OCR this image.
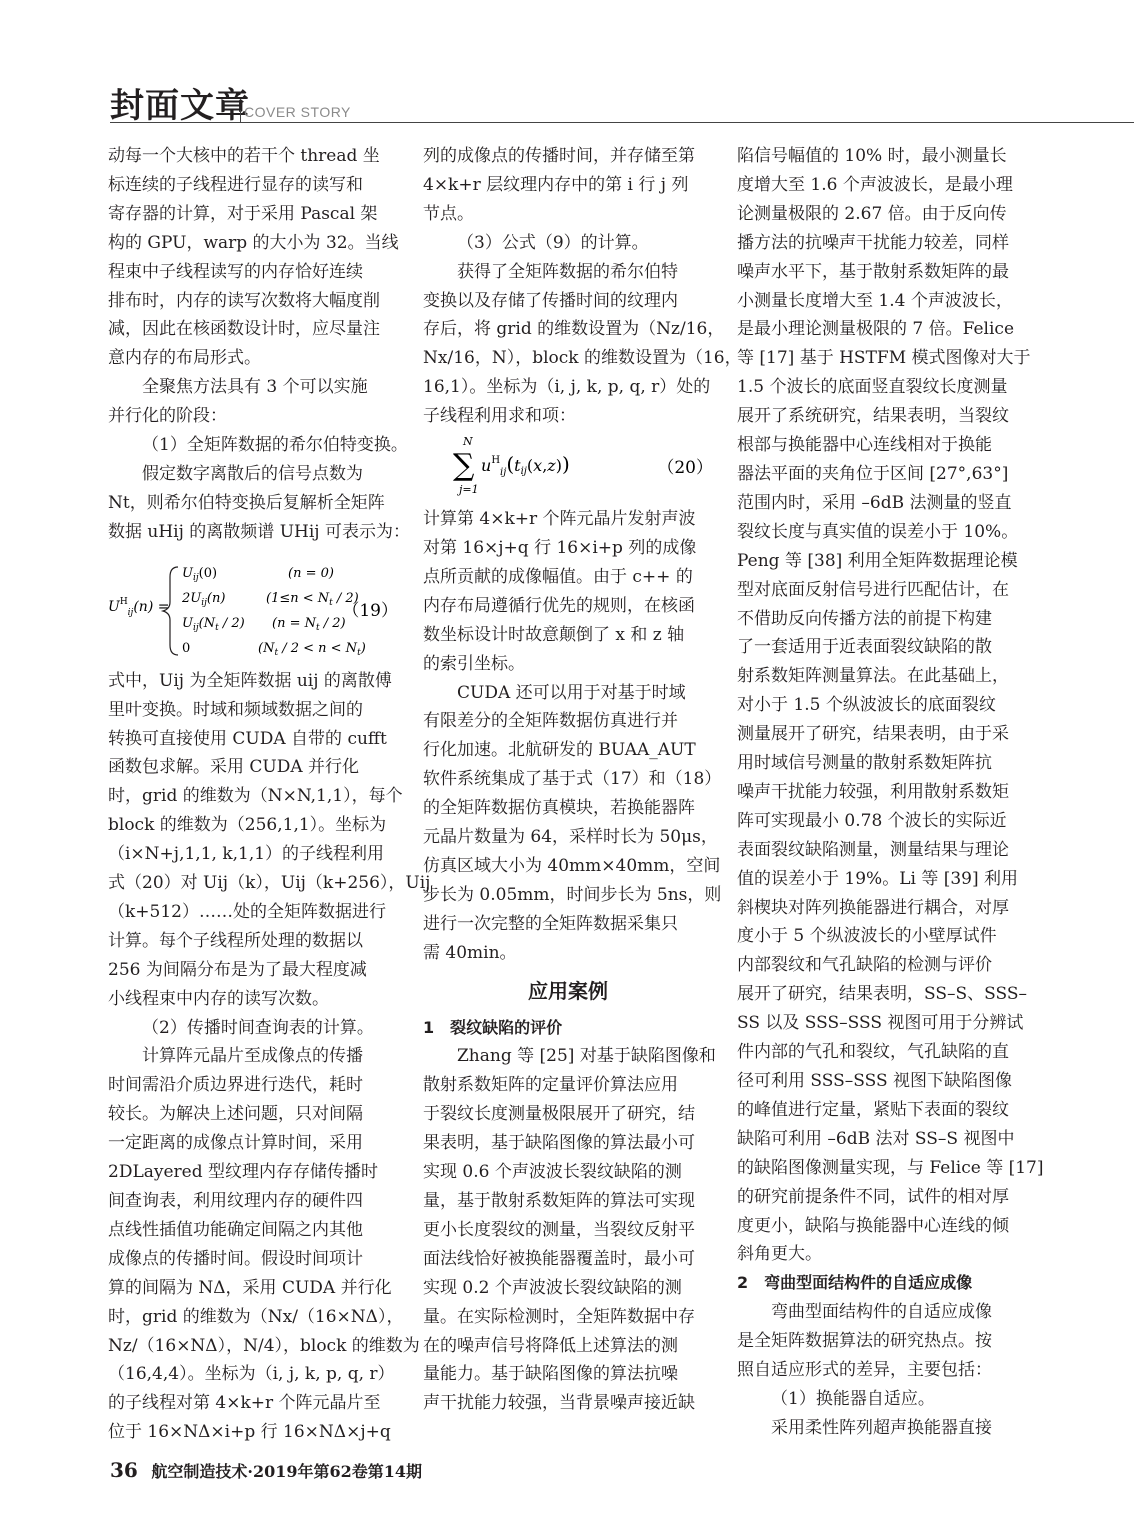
封面文章
COVER STORY

动每一个大核中的若干个 thread 坐

标连续的子线程进行显存的读写和

寄存器的计算，对于采用 Pascal 架

构的 GPU，warp 的大小为 32。当线

程束中子线程读写的内存恰好连续

排布时，内存的读写次数将大幅度削

减，因此在核函数设计时，应尽量注

意内存的布局形式。

全聚焦方法具有 3 个可以实施

并行化的阶段：

（1）全矩阵数据的希尔伯特变换。

假定数字离散后的信号点数为

Nt，则希尔伯特变换后复解析全矩阵

数据 uHij 的离散频谱 UHij 可表示为：

$U^H_{ij}(n)$ =
$U_{ij}(0)$	(n = 0)
$2U_{ij}(n)$	$(1\le n < N_t / 2)$
$U_{ij}(N_t / 2) (n = N_t / 2)$
0	$(N_t / 2 < n < N_t)$
（19）

式中，Uij 为全矩阵数据 uij 的离散傅

里叶变换。时域和频域数据之间的

转换可直接使用 CUDA 自带的 cufft

函数包求解。采用 CUDA 并行化

时，grid 的维数为（N×N,1,1），每个

block 的维数为（256,1,1）。坐标为

（i×N+j,1,1, k,1,1）的子线程利用

式（20）对 Uij（k），Uij（k+256），Uij

（k+512）……处的全矩阵数据进行

计算。每个子线程所处理的数据以

256 为间隔分布是为了最大程度减

小线程束中内存的读写次数。

（2）传播时间查询表的计算。

计算阵元晶片至成像点的传播

时间需沿介质边界进行迭代，耗时

较长。为解决上述问题，只对间隔

一定距离的成像点计算时间，采用

2DLayered 型纹理内存存储传播时

间查询表，利用纹理内存的硬件四

点线性插值功能确定间隔之内其他

成像点的传播时间。假设时间项计

算的间隔为 NΔ，采用 CUDA 并行化

时，grid 的维数为（Nx/（16×NΔ），

Nz/（16×NΔ），N/4），block 的维数为

（16,4,4）。坐标为（i, j, k, p, q, r）

的子线程对第 4×k+r 个阵元晶片至

位于 16×NΔ×i+p 行 16×NΔ×j+q

列的成像点的传播时间，并存储至第

4×k+r 层纹理内存中的第 i 行 j 列

节点。

（3）公式（9）的计算。

获得了全矩阵数据的希尔伯特

变换以及存储了传播时间的纹理内

存后，将 grid 的维数设置为（Nz/16，

Nx/16，N），block 的维数设置为（16，

16,1）。坐标为（i, j, k, p, q, r）处的

子线程利用求和项：

N
∑
j=1
$u^H_{ij}(tij(x,z))$	（20）

计算第 4×k+r 个阵元晶片发射声波

对第 16×j+q 行 16×i+p 列的成像

点所贡献的成像幅值。由于 c++ 的

内存布局遵循行优先的规则，在核函

数坐标设计时故意颠倒了 x 和 z 轴

的索引坐标。

CUDA 还可以用于对基于时域

有限差分的全矩阵数据仿真进行并

行化加速。北航研发的 BUAA_AUT

软件系统集成了基于式（17）和（18）

的全矩阵数据仿真模块，若换能器阵

元晶片数量为 64，采样时长为 50μs，

仿真区域大小为 40mm×40mm，空间

步长为 0.05mm，时间步长为 5ns，则

进行一次完整的全矩阵数据采集只

需 40min。

应用案例

1　裂纹缺陷的评价

Zhang 等 [25] 对基于缺陷图像和

散射系数矩阵的定量评价算法应用

于裂纹长度测量极限展开了研究，结

果表明，基于缺陷图像的算法最小可

实现 0.6 个声波波长裂纹缺陷的测

量，基于散射系数矩阵的算法可实现

更小长度裂纹的测量，当裂纹反射平

面法线恰好被换能器覆盖时，最小可

实现 0.2 个声波波长裂纹缺陷的测

量。在实际检测时，全矩阵数据中存

在的噪声信号将降低上述算法的测

量能力。基于缺陷图像的算法抗噪

声干扰能力较强，当背景噪声接近缺

陷信号幅值的 10% 时，最小测量长

度增大至 1.6 个声波波长，是最小理

论测量极限的 2.67 倍。由于反向传

播方法的抗噪声干扰能力较差，同样

噪声水平下，基于散射系数矩阵的最

小测量长度增大至 1.4 个声波波长，

是最小理论测量极限的 7 倍。Felice

等 [17] 基于 HSTFM 模式图像对大于

1.5 个波长的底面竖直裂纹长度测量

展开了系统研究，结果表明，当裂纹

根部与换能器中心连线相对于换能

器法平面的夹角位于区间 [27°,63°]

范围内时，采用 –6dB 法测量的竖直

裂纹长度与真实值的误差小于 10%。

Peng 等 [38] 利用全矩阵数据理论模

型对底面反射信号进行匹配估计，在

不借助反向传播方法的前提下构建

了一套适用于近表面裂纹缺陷的散

射系数矩阵测量算法。在此基础上，

对小于 1.5 个纵波波长的底面裂纹

测量展开了研究，结果表明，由于采

用时域信号测量的散射系数矩阵抗

噪声干扰能力较强，利用散射系数矩

阵可实现最小 0.78 个波长的实际近

表面裂纹缺陷测量，测量结果与理论

值的误差小于 19%。Li 等 [39] 利用

斜楔块对阵列换能器进行耦合，对厚

度小于 5 个纵波波长的小壁厚试件

内部裂纹和气孔缺陷的检测与评价

展开了研究，结果表明，SS–S、SSS–

SS 以及 SSS–SSS 视图可用于分辨试

件内部的气孔和裂纹，气孔缺陷的直

径可利用 SSS–SSS 视图下缺陷图像

的峰值进行定量，紧贴下表面的裂纹

缺陷可利用 –6dB 法对 SS–S 视图中

的缺陷图像测量实现，与 Felice 等 [17]

的研究前提条件不同，试件的相对厚

度更小，缺陷与换能器中心连线的倾

斜角更大。

2　弯曲型面结构件的自适应成像

弯曲型面结构件的自适应成像

是全矩阵数据算法的研究热点。按

照自适应形式的差异，主要包括：

（1）换能器自适应。

采用柔性阵列超声换能器直接

36 航空制造技术·2019年第62卷第14期
